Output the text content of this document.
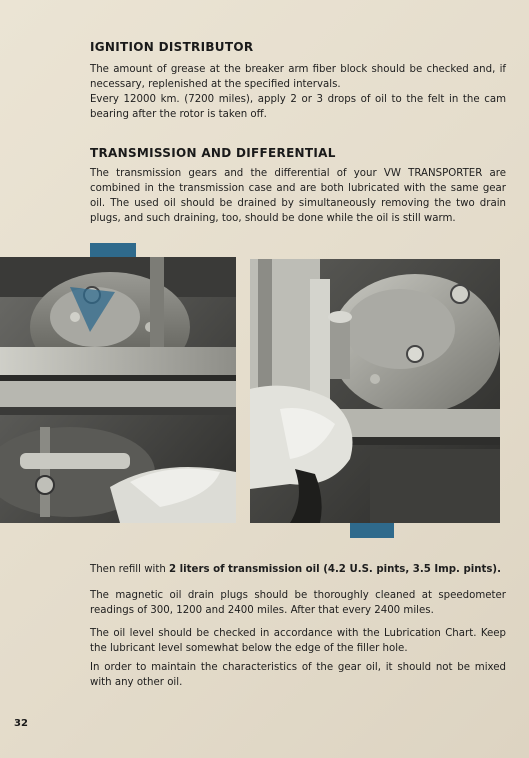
IGNITION DISTRIBUTOR

The amount of grease at the breaker arm fiber block should be checked and, if necessary, replenished at the specified intervals.

Every 12000 km. (7200 miles), apply 2 or 3 drops of oil to the felt in the cam bearing after the rotor is taken off.

TRANSMISSION AND DIFFERENTIAL

The transmission gears and the differential of your VW TRANSPORTER are combined in the transmission case and are both lubricated with the same gear oil. The used oil should be drained by simultaneously removing the two drain plugs, and such draining, too, should be done while the oil is still warm.

Then refill with 2 liters of transmission oil (4.2 U.S. pints, 3.5 Imp. pints).

The magnetic oil drain plugs should be thoroughly cleaned at speedometer readings of 300, 1200 and 2400 miles. After that every 2400 miles.

The oil level should be checked in accordance with the Lubrication Chart. Keep the lubricant level somewhat below the edge of the filler hole.

In order to maintain the characteristics of the gear oil, it should not be mixed with any other oil.

32
